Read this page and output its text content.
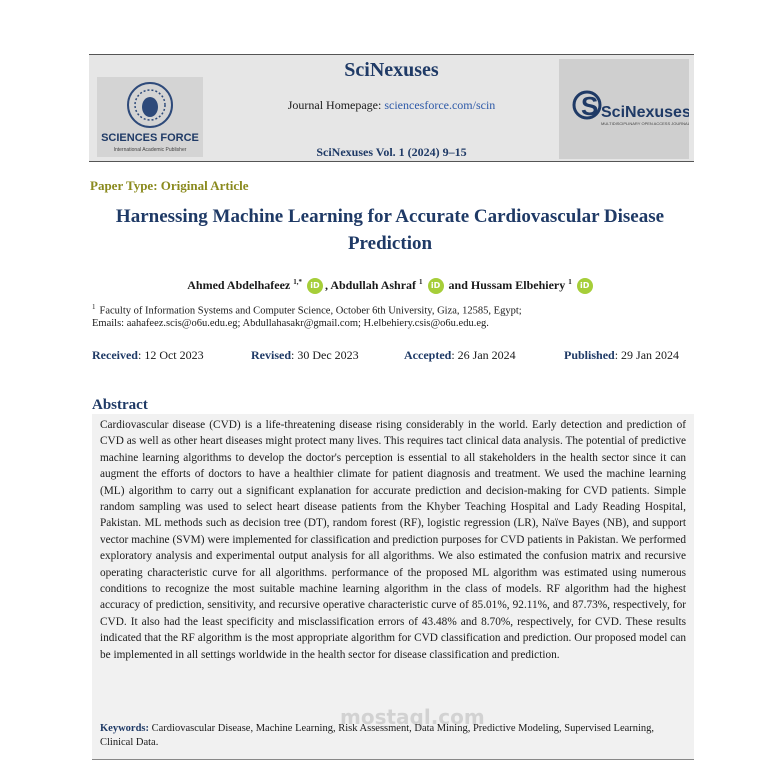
SCIENCES FORCE
International Academic Publisher
SciNexuses
Journal Homepage: sciencesforce.com/scin
SciNexuses Vol. 1 (2024) 9–15
S SciNexuses
MULTIDISCIPLINARY OPEN ACCESS JOURNAL
Paper Type: Original Article
Harnessing Machine Learning for Accurate Cardiovascular Disease Prediction
Ahmed Abdelhafeez $^{1,*}$ iD , Abdullah Ashraf $^1$ iD and Hussam Elbehiery $^1$ iD
$^1$ Faculty of Information Systems and Computer Science, October 6th University, Giza, 12585, Egypt;
Emails: aahafeez.scis@o6u.edu.eg; Abdullahasakr@gmail.com; H.elbehiery.csis@o6u.edu.eg.
Received: 12 Oct 2023	Revised: 30 Dec 2023	Accepted: 26 Jan 2024	Published: 29 Jan 2024
Abstract
Cardiovascular disease (CVD) is a life-threatening disease rising considerably in the world. Early detection and prediction of CVD as well as other heart diseases might protect many lives. This requires tact clinical data analysis. The potential of predictive machine learning algorithms to develop the doctor's perception is essential to all stakeholders in the health sector since it can augment the efforts of doctors to have a healthier climate for patient diagnosis and treatment. We used the machine learning (ML) algorithm to carry out a significant explanation for accurate prediction and decision-making for CVD patients. Simple random sampling was used to select heart disease patients from the Khyber Teaching Hospital and Lady Reading Hospital, Pakistan. ML methods such as decision tree (DT), random forest (RF), logistic regression (LR), Naïve Bayes (NB), and support vector machine (SVM) were implemented for classification and prediction purposes for CVD patients in Pakistan. We performed exploratory analysis and experimental output analysis for all algorithms. We also estimated the confusion matrix and recursive operating characteristic curve for all algorithms. performance of the proposed ML algorithm was estimated using numerous conditions to recognize the most suitable machine learning algorithm in the class of models. RF algorithm had the highest accuracy of prediction, sensitivity, and recursive operative characteristic curve of 85.01%, 92.11%, and 87.73%, respectively, for CVD. It also had the least specificity and misclassification errors of 43.48% and 8.70%, respectively, for CVD. These results indicated that the RF algorithm is the most appropriate algorithm for CVD classification and prediction. Our proposed model can be implemented in all settings worldwide in the health sector for disease classification and prediction.
Keywords: Cardiovascular Disease, Machine Learning, Risk Assessment, Data Mining, Predictive Modeling, Supervised Learning, Clinical Data.
mostaql.com
